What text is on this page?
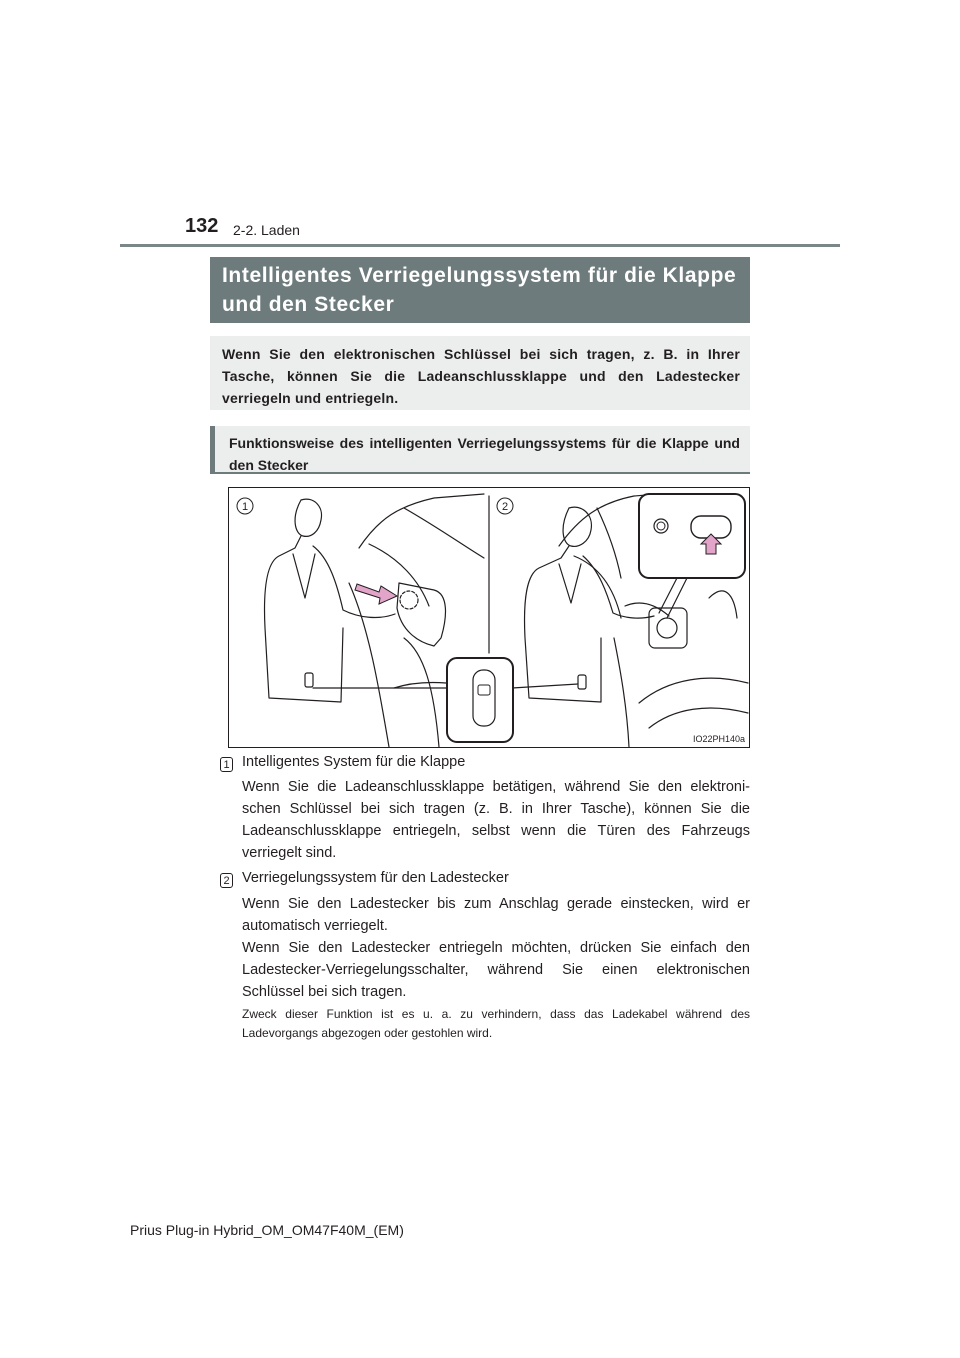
132 2-2. Laden
Intelligentes Verriegelungssystem für die Klappe und den Stecker
Wenn Sie den elektronischen Schlüssel bei sich tragen, z. B. in Ihrer Tasche, können Sie die Ladeanschlussklappe und den Ladestecker verriegeln und entriegeln.
Funktionsweise des intelligenten Verriegelungssystems für die Klappe und den Stecker
1	2
IO22PH140a
1 Intelligentes System für die Klappe
Wenn Sie die Ladeanschlussklappe betätigen, während Sie den elektroni-schen Schlüssel bei sich tragen (z. B. in Ihrer Tasche), können Sie die Ladeanschlussklappe entriegeln, selbst wenn die Türen des Fahrzeugs verriegelt sind.
2 Verriegelungssystem für den Ladestecker
Wenn Sie den Ladestecker bis zum Anschlag gerade einstecken, wird er automatisch verriegelt.
Wenn Sie den Ladestecker entriegeln möchten, drücken Sie einfach den Ladestecker-Verriegelungsschalter, während Sie einen elektronischen Schlüssel bei sich tragen.
Zweck dieser Funktion ist es u. a. zu verhindern, dass das Ladekabel während des Ladevorgangs abgezogen oder gestohlen wird.
Prius Plug-in Hybrid_OM_OM47F40M_(EM)
